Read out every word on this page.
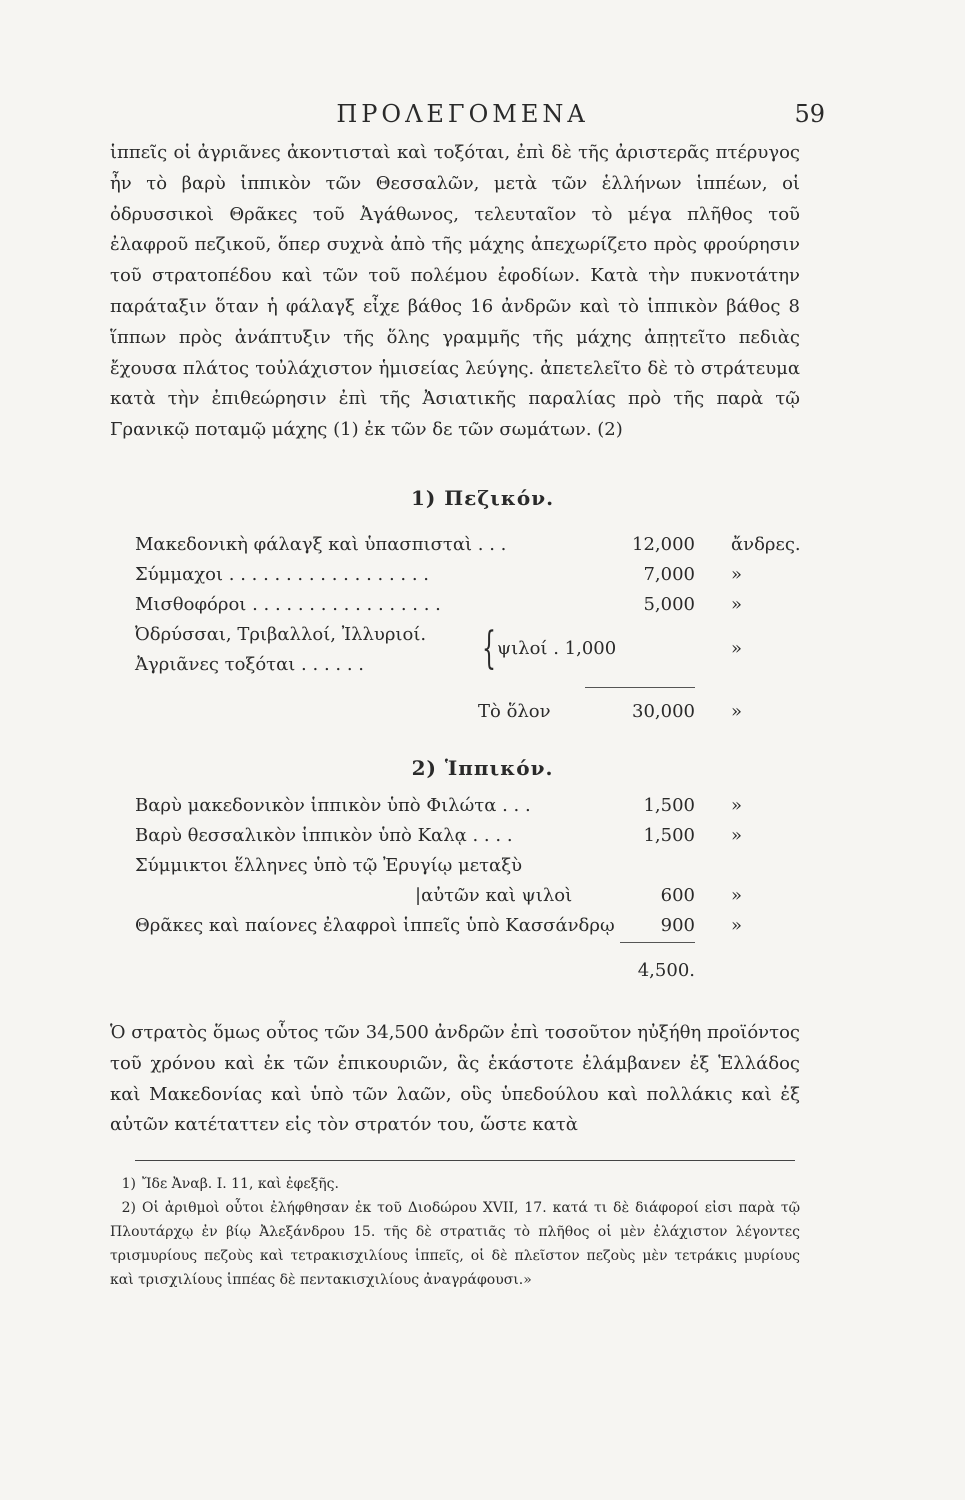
ΠΡΟΛΕΓΟΜΕΝΑ	59

ἱππεῖς οἱ ἀγριᾶνες ἀκοντισταὶ καὶ τοξόται, ἐπὶ δὲ τῆς ἀριστερᾶς πτέρυγος ἦν τὸ βαρὺ ἱππικὸν τῶν Θεσσαλῶν, μετὰ τῶν ἑλλήνων ἱππέων, οἱ ὀδρυσσικοὶ Θρᾶκες τοῦ Ἀγάθωνος, τελευταῖον τὸ μέγα πλῆθος τοῦ ἐλαφροῦ πεζικοῦ, ὅπερ συχνὰ ἀπὸ τῆς μάχης ἀπεχωρίζετο πρὸς φρούρησιν τοῦ στρατοπέδου καὶ τῶν τοῦ πολέμου ἐφοδίων. Κατὰ τὴν πυκνοτάτην παράταξιν ὅταν ἡ φάλαγξ εἶχε βάθος 16 ἀνδρῶν καὶ τὸ ἱππικὸν βάθος 8 ἵππων πρὸς ἀνάπτυξιν τῆς ὅλης γραμμῆς τῆς μάχης ἀπῃτεῖτο πεδιὰς ἔχουσα πλάτος τοὐλάχιστον ἡμισείας λεύγης. ἀπετελεῖτο δὲ τὸ στράτευμα κατὰ τὴν ἐπιθεώρησιν ἐπὶ τῆς Ἀσιατικῆς παραλίας πρὸ τῆς παρὰ τῷ Γρανικῷ ποταμῷ μάχης (1) ἐκ τῶν δε τῶν σωμάτων. (2)

1) Πεζικόν.
Μακεδονικὴ φάλαγξ καὶ ὑπασπισταὶ . . .	12,000 ἄνδρες.
Σύμμαχοι . . . . . . . . . . . . . . . . . .	7,000 »
Μισθοφόροι . . . . . . . . . . . . . . . . .	5,000 »
Ὀδρύσσαι, Τριβαλλοί, Ἰλλυριοί.
Ἀγριᾶνες τοξόται . . . . . .	{ ψιλοί . 1,000	»
Τὸ ὅλον	30,000 »
2) Ἱππικόν.
Βαρὺ μακεδονικὸν ἱππικὸν ὑπὸ Φιλώτα . . .	1,500 »
Βαρὺ θεσσαλικὸν ἱππικὸν ὑπὸ Καλᾳ . . . .	1,500 »
Σύμμικτοι ἕλληνες ὑπὸ τῷ Ἐρυγίῳ μεταξὺ
|αὐτῶν καὶ ψιλοὶ	600 »
Θρᾶκες καὶ παίονες ἐλαφροὶ ἱππεῖς ὑπὸ Κασσάνδρῳ	900 »
4,500.

Ὁ στρατὸς ὅμως οὗτος τῶν 34,500 ἀνδρῶν ἐπὶ τοσοῦτον ηὐξήθη προϊόντος τοῦ χρόνου καὶ ἐκ τῶν ἐπικουριῶν, ἃς ἑκάστοτε ἐλάμβανεν ἐξ Ἑλλάδος καὶ Μακεδονίας καὶ ὑπὸ τῶν λαῶν, οὓς ὑπεδούλου καὶ πολλάκις καὶ ἐξ αὐτῶν κατέταττεν εἰς τὸν στρατόν του, ὥστε κατὰ

1) Ἴδε Ἀναβ. I. 11, καὶ ἐφεξῆς.

2) Οἱ ἀριθμοὶ οὗτοι ἐλήφθησαν ἐκ τοῦ Διοδώρου XVII, 17. κατά τι δὲ διάφοροί εἰσι παρὰ τῷ Πλουτάρχῳ ἐν βίῳ Ἀλεξάνδρου 15. τῆς δὲ στρατιᾶς τὸ πλῆθος οἱ μὲν ἐλάχιστον λέγοντες τρισμυρίους πεζοὺς καὶ τετρακισχιλίους ἱππεῖς, οἱ δὲ πλεῖστον πεζοὺς μὲν τετράκις μυρίους καὶ τρισχιλίους ἱππέας δὲ πεντακισχιλίους ἀναγράφουσι.»
